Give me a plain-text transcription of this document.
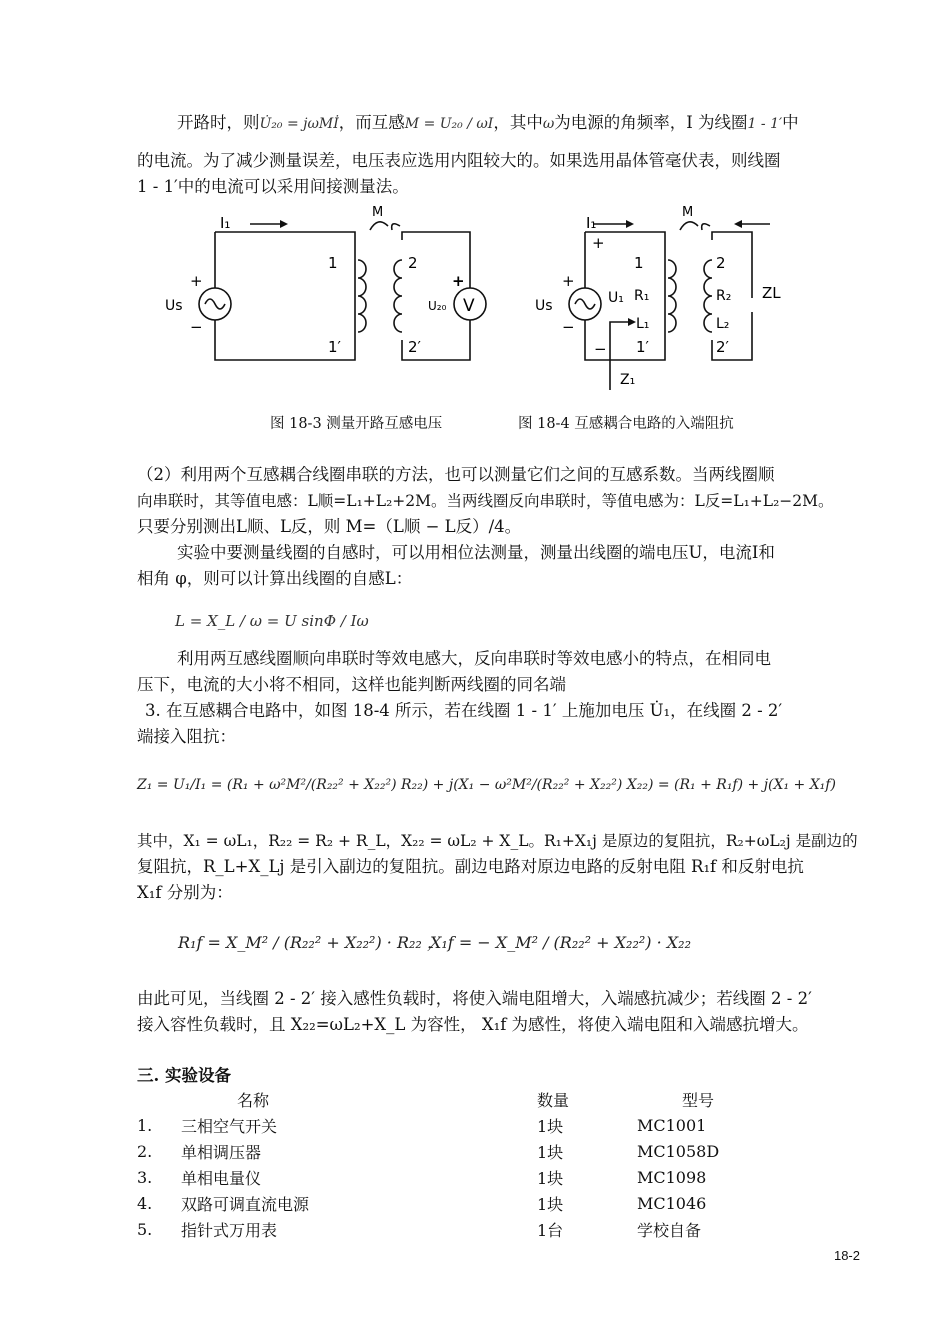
开路时，则U̇₂₀ = jωMİ，而互感M = U₂₀ / ωI，其中ω为电源的角频率，I 为线圈1 - 1′中
的电流。为了减少测量误差，电压表应选用内阻较大的。如果选用晶体管毫伏表，则线圈
1 - 1′中的电流可以采用间接测量法。
I₁
M
+
−
Us
1
1′
2
2′
+
U₂₀ V
I₁
M
+
+
−
−
Us	U₁
1
R₁
L₁
1′
2
R₂
L₂
2′
ZL
Z₁
图 18-3 测量开路互感电压	图 18-4 互感耦合电路的入端阻抗
（2）利用两个互感耦合线圈串联的方法，也可以测量它们之间的互感系数。当两线圈顺
向串联时，其等值电感：L顺=L₁+L₂+2M。当两线圈反向串联时，等值电感为：L反=L₁+L₂−2M。
只要分别测出L顺、L反，则 M=（L顺 − L反）/4。
实验中要测量线圈的自感时，可以用相位法测量，测量出线圈的端电压U，电流I和
相角 φ，则可以计算出线圈的自感L：
L = X_L / ω = U sinΦ / Iω
利用两互感线圈顺向串联时等效电感大，反向串联时等效电感小的特点，在相同电
压下，电流的大小将不相同，这样也能判断两线圈的同名端
3. 在互感耦合电路中，如图 18-4 所示，若在线圈 1 - 1′ 上施加电压 U̇₁，在线圈 2 - 2′
端接入阻抗：
Z₁ = U₁/I₁ = (R₁ + ω²M²/(R₂₂² + X₂₂²) R₂₂) + j(X₁ − ω²M²/(R₂₂² + X₂₂²) X₂₂) = (R₁ + R₁f) + j(X₁ + X₁f)
其中，X₁ = ωL₁，R₂₂ = R₂ + R_L，X₂₂ = ωL₂ + X_L。R₁+X₁j 是原边的复阻抗，R₂+ωL₂j 是副边的
复阻抗，R_L+X_Lj 是引入副边的复阻抗。副边电路对原边电路的反射电阻 R₁f 和反射电抗
X₁f 分别为：
R₁f = X_M² / (R₂₂² + X₂₂²) · R₂₂ ，
X₁f = − X_M² / (R₂₂² + X₂₂²) · X₂₂
由此可见，当线圈 2 - 2′ 接入感性负载时，将使入端电阻增大，入端感抗减少；若线圈 2 - 2′
接入容性负载时，且 X₂₂=ωL₂+X_L 为容性， X₁f 为感性，将使入端电阻和入端感抗增大。
三. 实验设备
	名称	数量	型号
1.	三相空气开关	1块	MC1001
2.	单相调压器	1块	MC1058D
3.	单相电量仪	1块	MC1098
4.	双路可调直流电源	1块	MC1046
5.	指针式万用表	1台	学校自备
18-2
